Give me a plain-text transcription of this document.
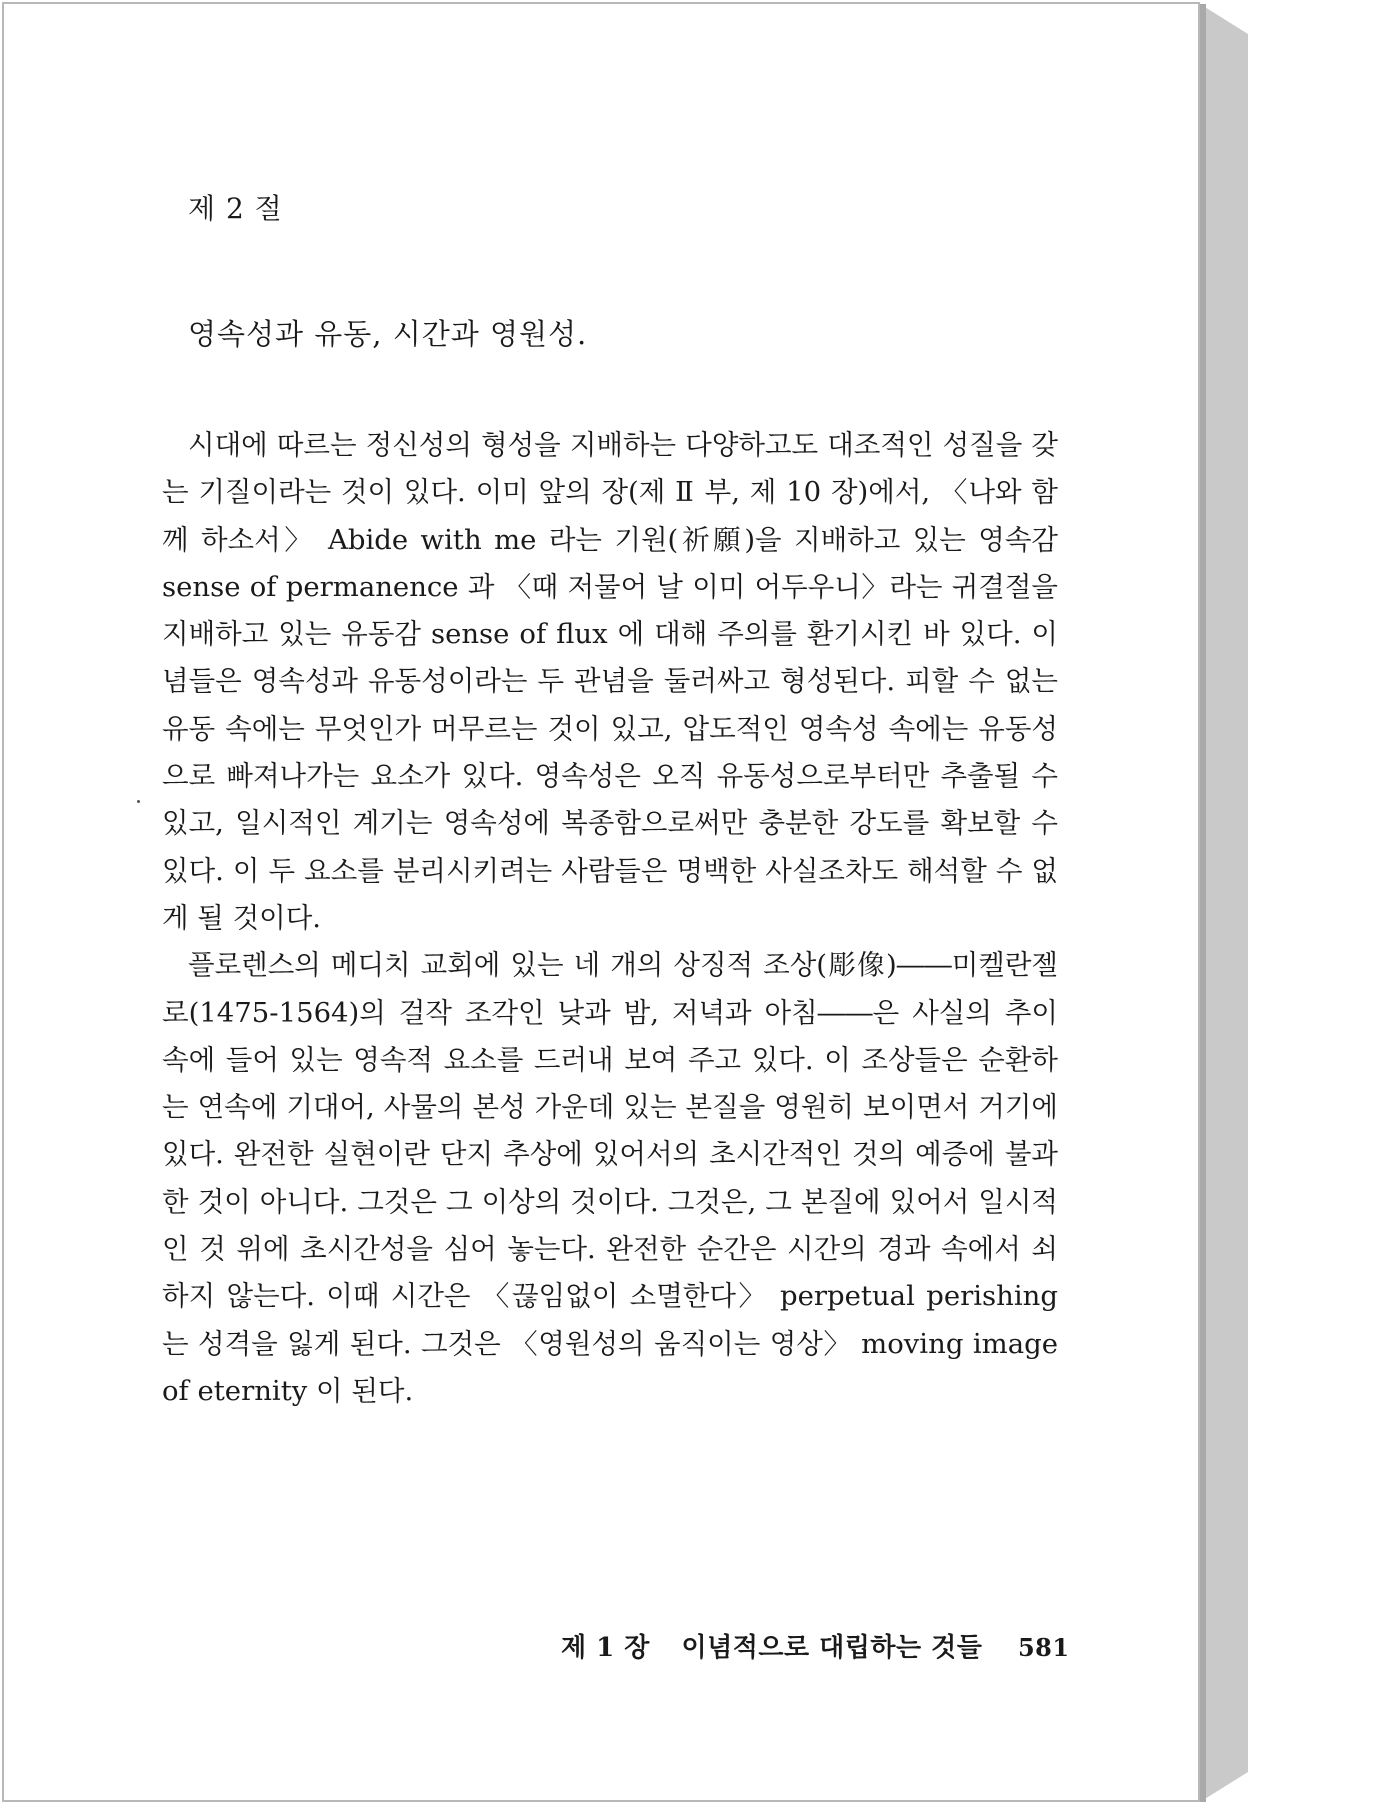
제 2 절
영속성과 유동, 시간과 영원성.

시대에 따르는 정신성의 형성을 지배하는 다양하고도 대조적인 성질을 갖는 기질이라는 것이 있다. 이미 앞의 장(제 Ⅱ 부, 제 10 장)에서, 〈나와 함께 하소서〉 Abide with me 라는 기원(祈願)을 지배하고 있는 영속감 sense of permanence 과 〈때 저물어 날 이미 어두우니〉라는 귀결절을 지배하고 있는 유동감 sense of flux 에 대해 주의를 환기시킨 바 있다. 이념들은 영속성과 유동성이라는 두 관념을 둘러싸고 형성된다. 피할 수 없는 유동 속에는 무엇인가 머무르는 것이 있고, 압도적인 영속성 속에는 유동성으로 빠져나가는 요소가 있다. 영속성은 오직 유동성으로부터만 추출될 수 있고, 일시적인 계기는 영속성에 복종함으로써만 충분한 강도를 확보할 수 있다. 이 두 요소를 분리시키려는 사람들은 명백한 사실조차도 해석할 수 없게 될 것이다.

플로렌스의 메디치 교회에 있는 네 개의 상징적 조상(彫像)――미켈란젤로(1475-1564)의 걸작 조각인 낮과 밤, 저녁과 아침――은 사실의 추이 속에 들어 있는 영속적 요소를 드러내 보여 주고 있다. 이 조상들은 순환하는 연속에 기대어, 사물의 본성 가운데 있는 본질을 영원히 보이면서 거기에 있다. 완전한 실현이란 단지 추상에 있어서의 초시간적인 것의 예증에 불과한 것이 아니다. 그것은 그 이상의 것이다. 그것은, 그 본질에 있어서 일시적인 것 위에 초시간성을 심어 놓는다. 완전한 순간은 시간의 경과 속에서 쇠하지 않는다. 이때 시간은 〈끊임없이 소멸한다〉 perpetual perishing 는 성격을 잃게 된다. 그것은 〈영원성의 움직이는 영상〉 moving image of eternity 이 된다.

제 1 장 이념적으로 대립하는 것들 581
